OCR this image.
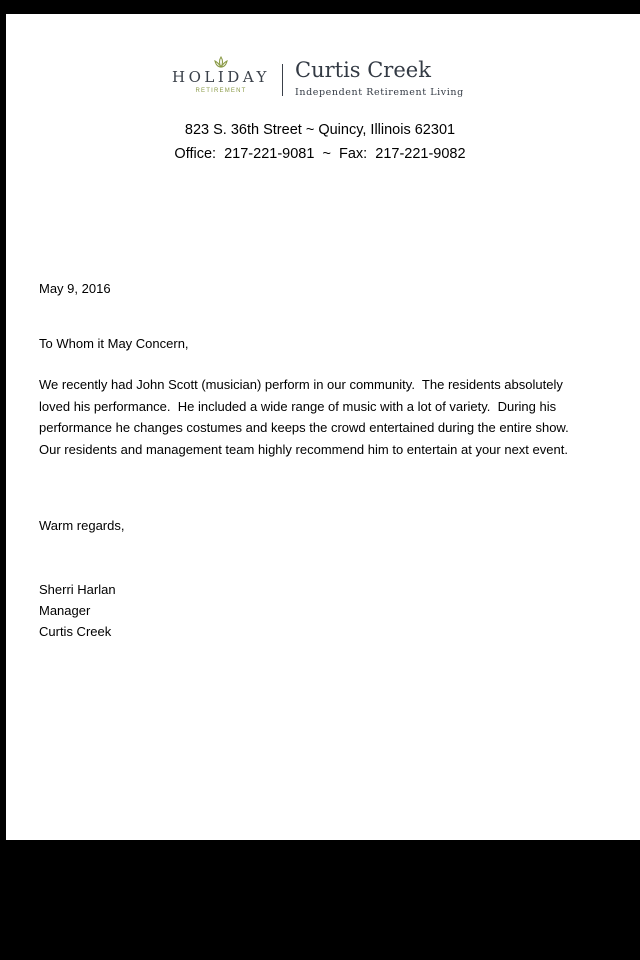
HOLIDAY
RETIREMENT
Curtis Creek
Independent Retirement Living
823 S. 36th Street ~ Quincy, Illinois 62301
Office:  217-221-9081  ~  Fax:  217-221-9082
May 9, 2016
To Whom it May Concern,
We recently had John Scott (musician) perform in our community.  The residents absolutely
loved his performance.  He included a wide range of music with a lot of variety.  During his
performance he changes costumes and keeps the crowd entertained during the entire show.
Our residents and management team highly recommend him to entertain at your next event.
Warm regards,
Sherri Harlan
Manager
Curtis Creek
